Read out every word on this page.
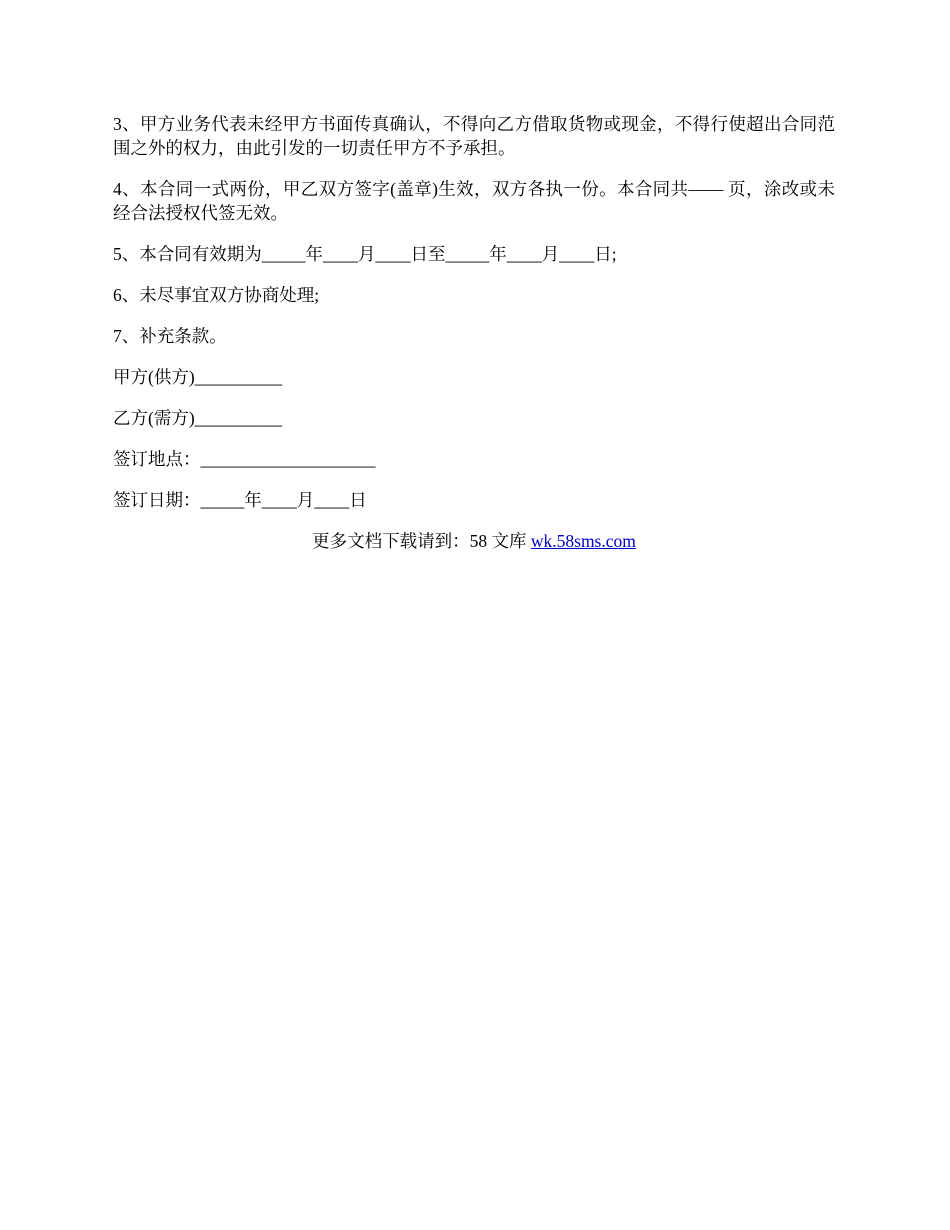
3、甲方业务代表未经甲方书面传真确认，不得向乙方借取货物或现金，不得行使超出合同范围之外的权力，由此引发的一切责任甲方不予承担。

4、本合同一式两份，甲乙双方签字(盖章)生效，双方各执一份。本合同共—— 页，涂改或未经合法授权代签无效。

5、本合同有效期为_____年____月____日至_____年____月____日;

6、未尽事宜双方协商处理;

7、补充条款。

甲方(供方)__________

乙方(需方)__________

签订地点：____________________

签订日期：_____年____月____日

更多文档下载请到：58 文库 wk.58sms.com
